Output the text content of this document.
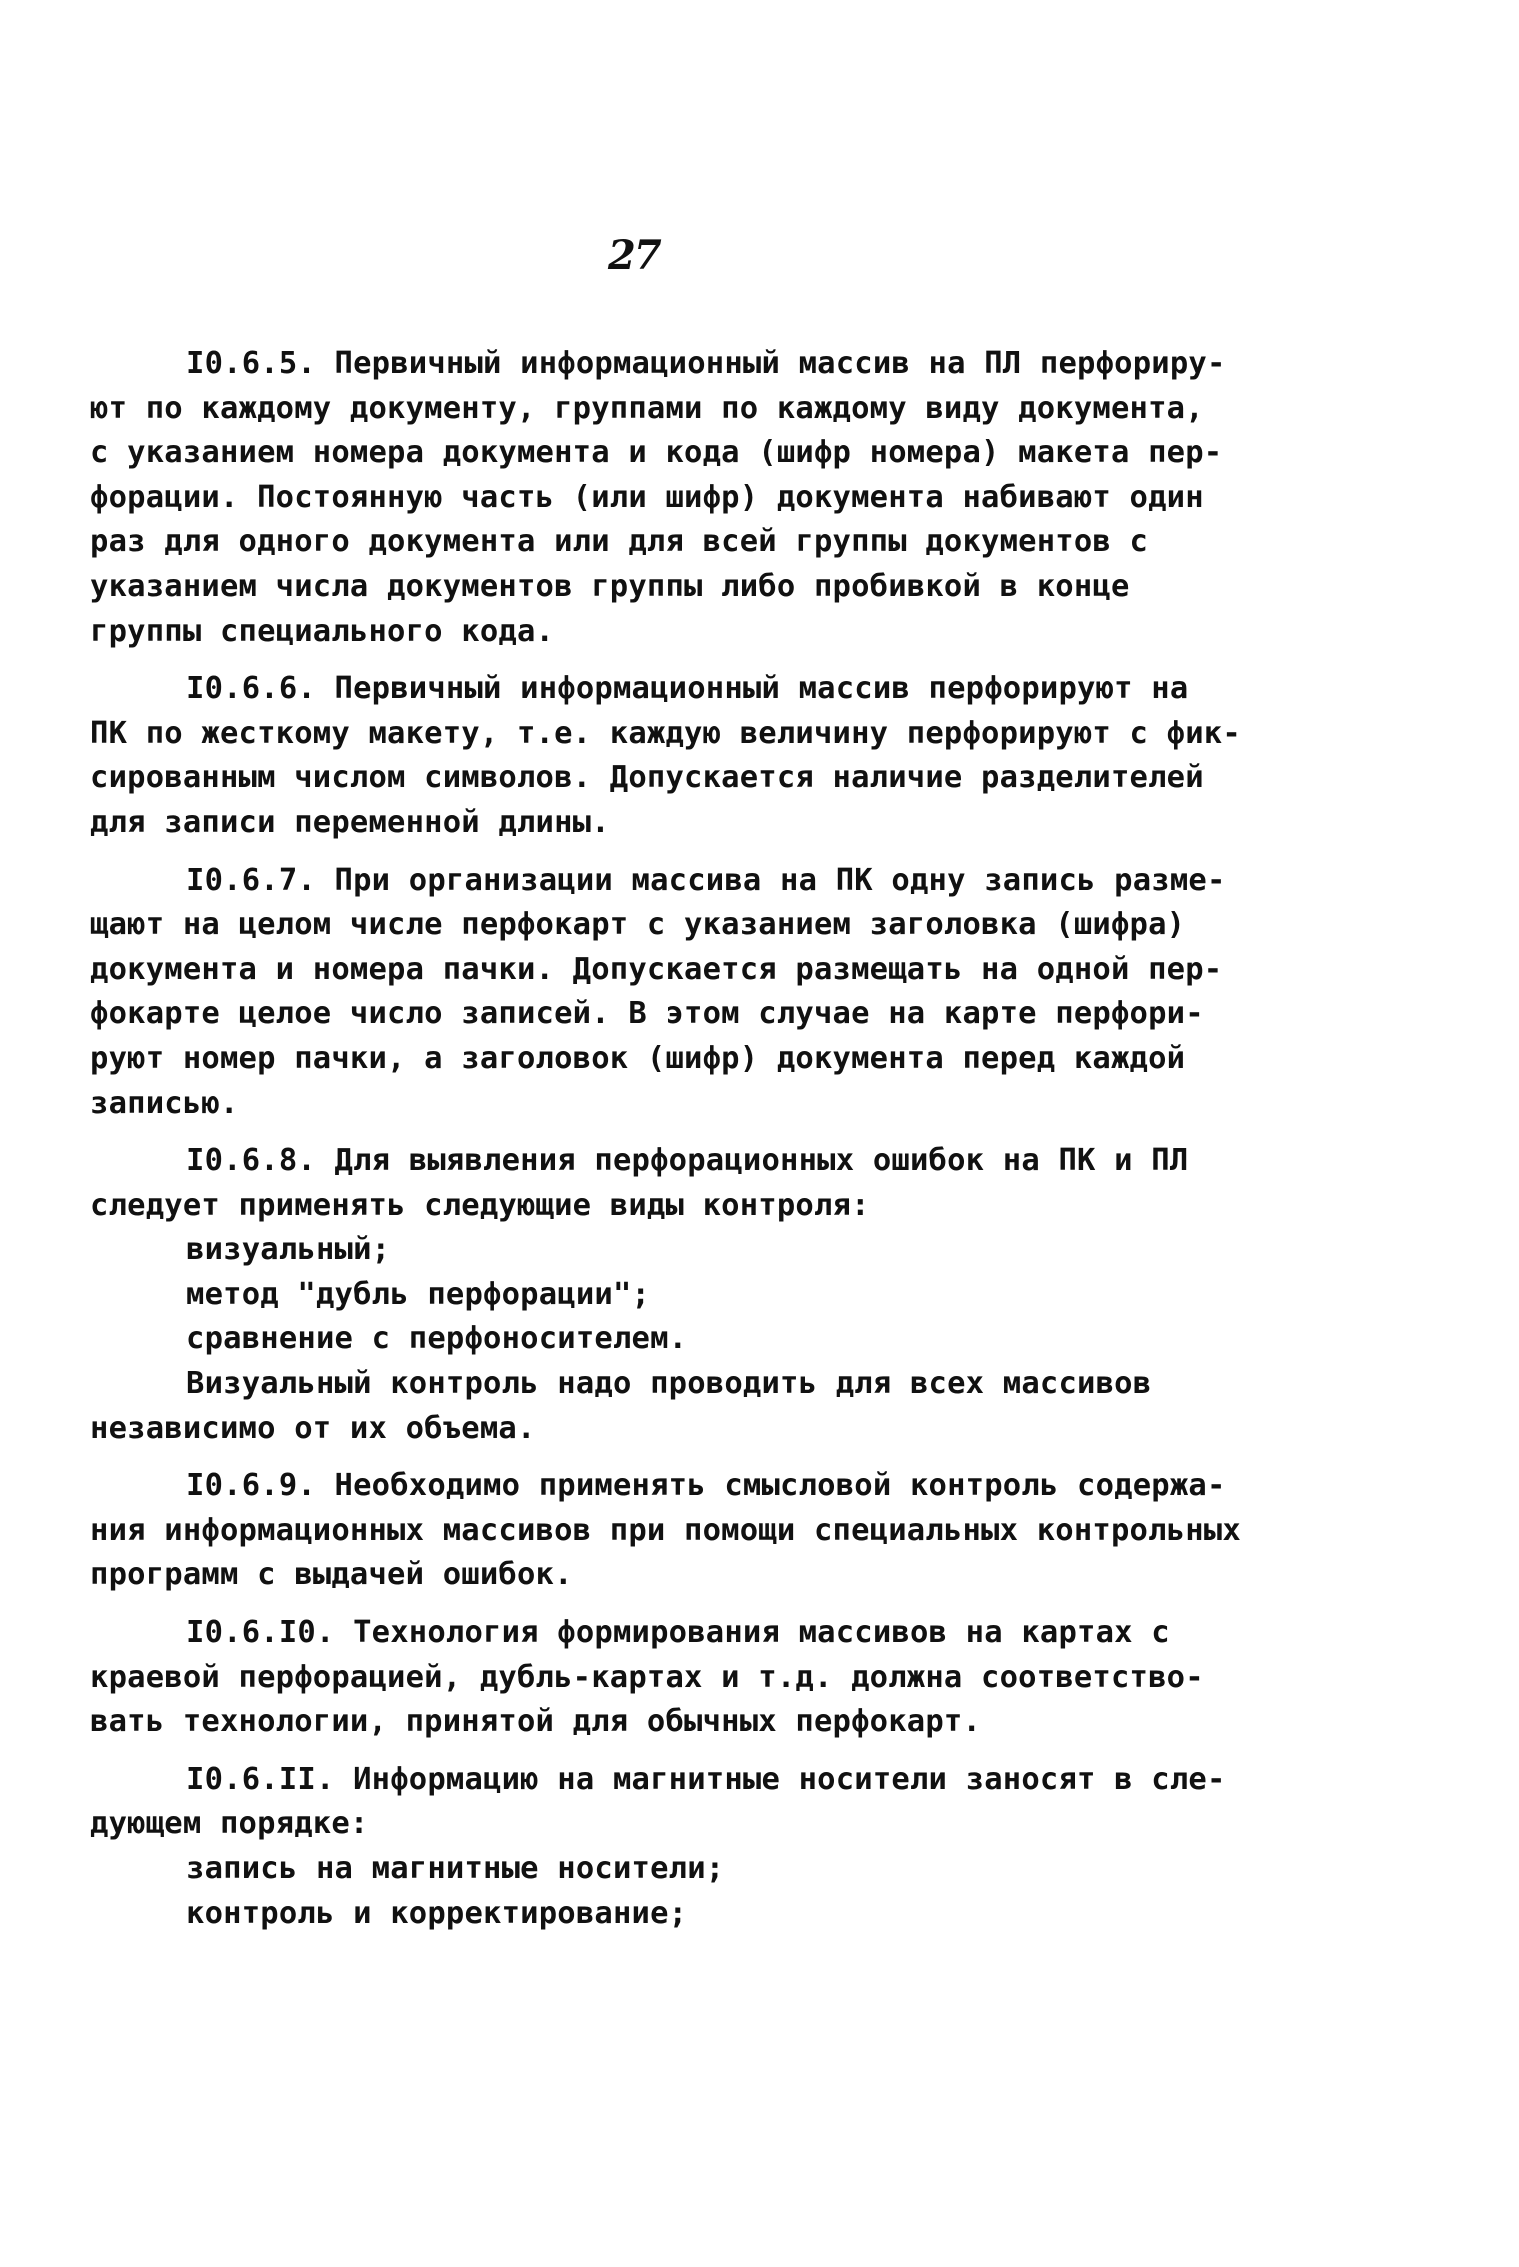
27
I0.6.5. Первичный информационный массив на ПЛ перфориру-
ют по каждому документу, группами по каждому виду документа,
с указанием номера документа и кода (шифр номера) макета пер-
форации. Постоянную часть (или шифр) документа набивают один
раз для одного документа или для всей группы документов с
указанием числа документов группы либо пробивкой в конце
группы специального кода.
I0.6.6. Первичный информационный массив перфорируют на
ПК по жесткому макету, т.е. каждую величину перфорируют с фик-
сированным числом символов. Допускается наличие разделителей
для записи переменной длины.
I0.6.7. При организации массива на ПК одну запись разме-
щают на целом числе перфокарт с указанием заголовка (шифра)
документа и номера пачки. Допускается размещать на одной пер-
фокарте целое число записей. В этом случае на карте перфори-
руют номер пачки, а заголовок (шифр) документа перед каждой
записью.
I0.6.8. Для выявления перфорационных ошибок на ПК и ПЛ
следует применять следующие виды контроля:
визуальный;
метод "дубль перфорации";
сравнение с перфоносителем.
Визуальный контроль надо проводить для всех массивов
независимо от их объема.
I0.6.9. Необходимо применять смысловой контроль содержа-
ния информационных массивов при помощи специальных контрольных
программ с выдачей ошибок.
I0.6.I0. Технология формирования массивов на картах с
краевой перфорацией, дубль-картах и т.д. должна соответство-
вать технологии, принятой для обычных перфокарт.
I0.6.II. Информацию на магнитные носители заносят в сле-
дующем порядке:
запись на магнитные носители;
контроль и корректирование;
